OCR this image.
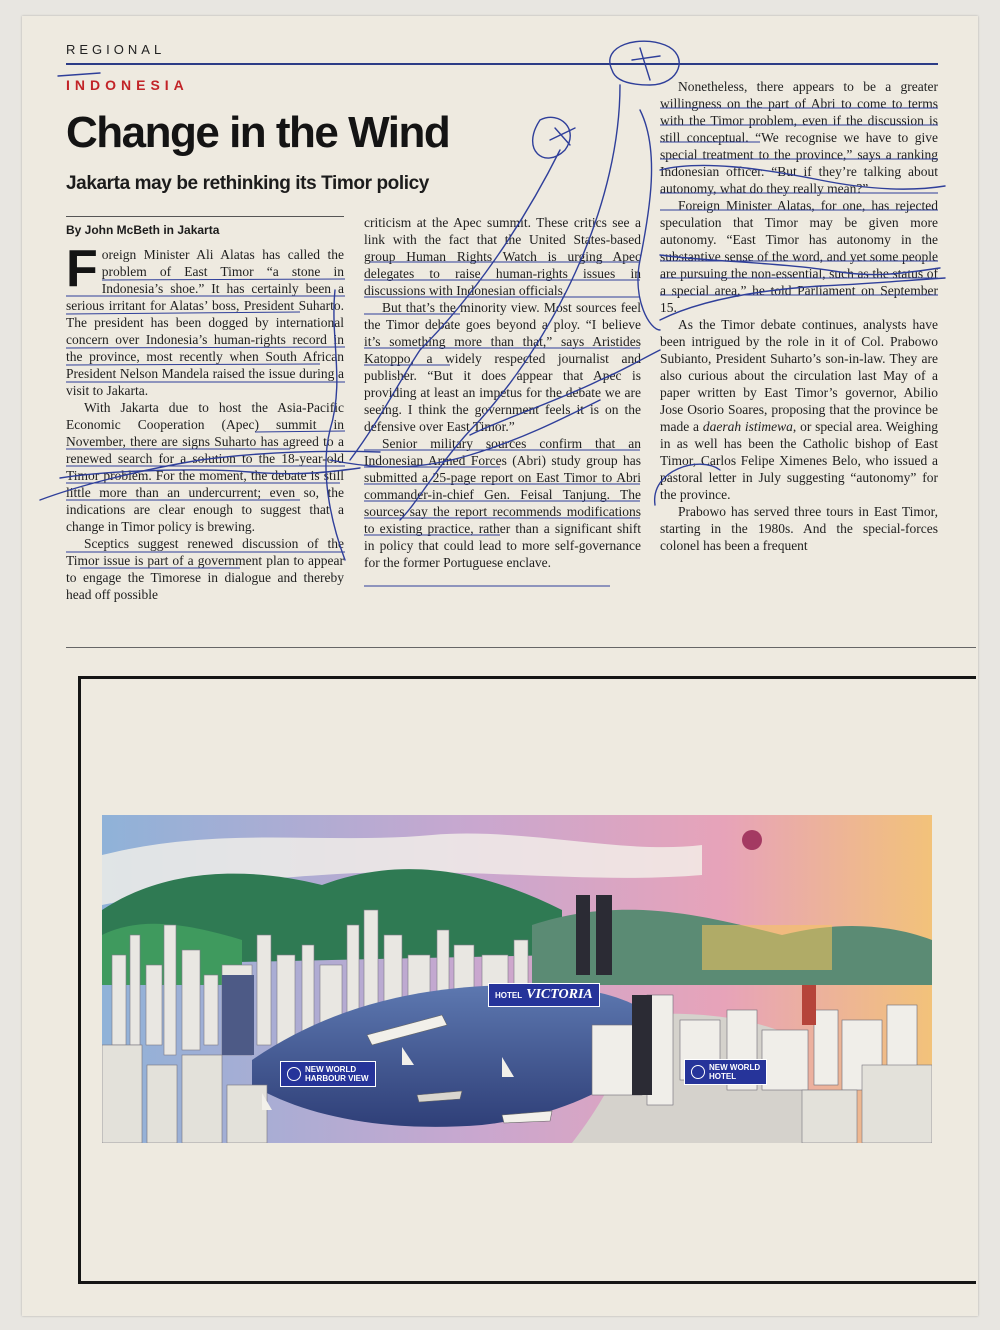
REGIONAL
INDONESIA
Change in the Wind
Jakarta may be rethinking its Timor policy
By John McBeth in Jakarta

Foreign Minister Ali Alatas has called the problem of East Timor “a stone in Indonesia’s shoe.” It has certainly been a serious irritant for Alatas’ boss, President Suharto. The president has been dogged by international concern over Indonesia’s human-rights record in the province, most recently when South African President Nelson Mandela raised the issue during a visit to Jakarta.

With Jakarta due to host the Asia-Pacific Economic Cooperation (Apec) summit in November, there are signs Suharto has agreed to a renewed search for a solution to the 18-year-old Timor problem. For the moment, the debate is still little more than an undercurrent; even so, the indications are clear enough to suggest that a change in Timor policy is brewing.

Sceptics suggest renewed discussion of the Timor issue is part of a government plan to appear to engage the Timorese in dialogue and thereby head off possible

criticism at the Apec summit. These critics see a link with the fact that the United States-based group Human Rights Watch is urging Apec delegates to raise human-rights issues in discussions with Indonesian officials.

But that’s the minority view. Most sources feel the Timor debate goes beyond a ploy. “I believe it’s something more than that,” says Aristides Katoppo, a widely respected journalist and publisher. “But it does appear that Apec is providing at least an impetus for the debate we are seeing. I think the government feels it is on the defensive over East Timor.”

Senior military sources confirm that an Indonesian Armed Forces (Abri) study group has submitted a 25-page report on East Timor to Abri commander-in-chief Gen. Feisal Tanjung. The sources say the report recommends modifications to existing practice, rather than a significant shift in policy that could lead to more self-governance for the former Portuguese enclave.

Nonetheless, there appears to be a greater willingness on the part of Abri to come to terms with the Timor problem, even if the discussion is still conceptual. “We recognise we have to give special treatment to the province,” says a ranking Indonesian officer. “But if they’re talking about autonomy, what do they really mean?”

Foreign Minister Alatas, for one, has rejected speculation that Timor may be given more autonomy. “East Timor has autonomy in the substantive sense of the word, and yet some people are pursuing the non-essential, such as the status of a special area,” he told Parliament on September 15.

As the Timor debate continues, analysts have been intrigued by the role in it of Col. Prabowo Subianto, President Suharto’s son-in-law. They are also curious about the circulation last May of a paper written by East Timor’s governor, Abilio Jose Osorio Soares, proposing that the province be made a daerah istimewa, or special area. Weighing in as well has been the Catholic bishop of East Timor, Carlos Felipe Ximenes Belo, who issued a pastoral letter in July suggesting “autonomy” for the province.

Prabowo has served three tours in East Timor, starting in the 1980s. And the special-forces colonel has been a frequent

NEW WORLD
HARBOUR VIEW
HOTEL VICTORIA
NEW WORLD
HOTEL
